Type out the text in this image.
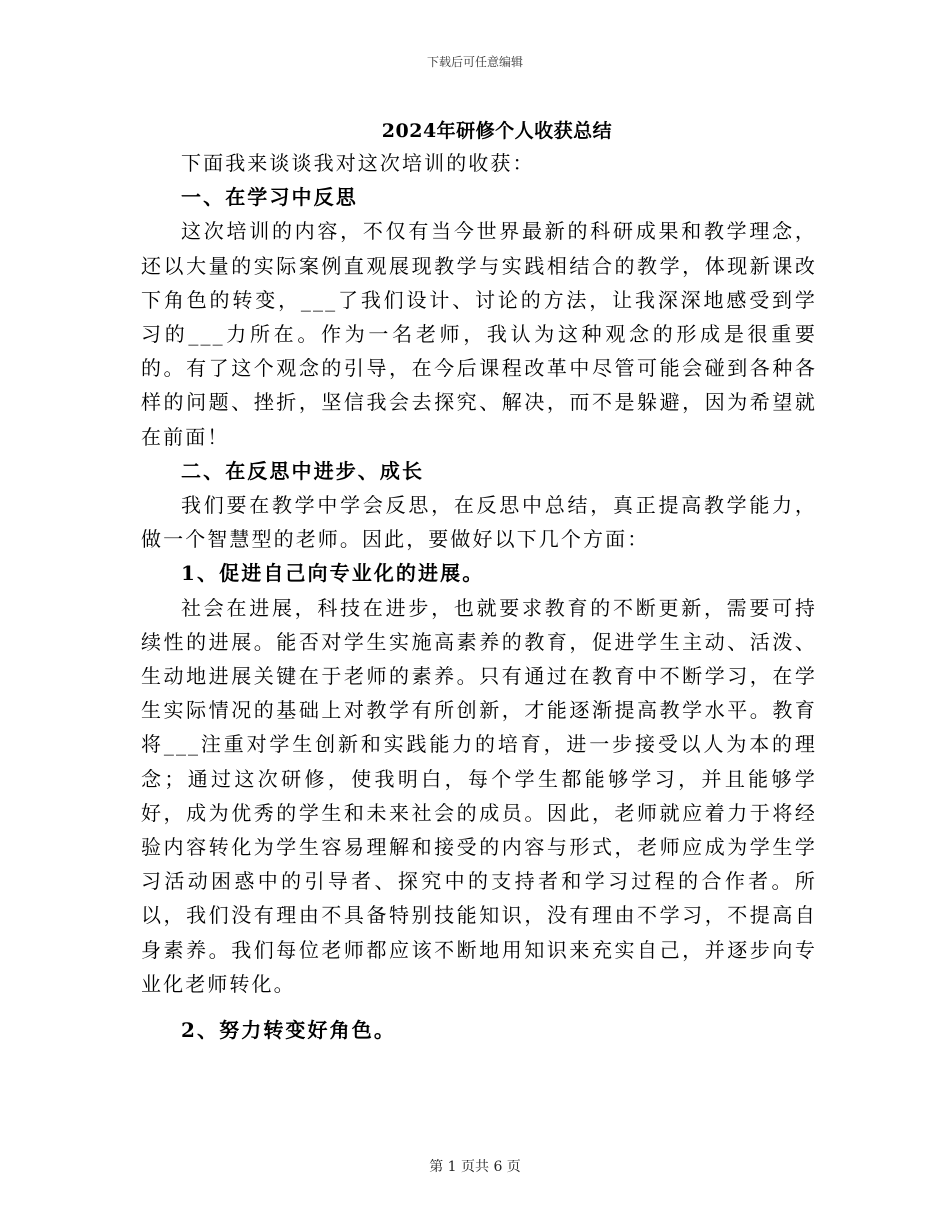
下载后可任意编辑
2024年研修个人收获总结

下面我来谈谈我对这次培训的收获：

一、在学习中反思

这次培训的内容，不仅有当今世界最新的科研成果和教学理念，还以大量的实际案例直观展现教学与实践相结合的教学，体现新课改下角色的转变，___了我们设计、讨论的方法，让我深深地感受到学习的___力所在。作为一名老师，我认为这种观念的形成是很重要的。有了这个观念的引导，在今后课程改革中尽管可能会碰到各种各样的问题、挫折，坚信我会去探究、解决，而不是躲避，因为希望就在前面！

二、在反思中进步、成长

我们要在教学中学会反思，在反思中总结，真正提高教学能力，做一个智慧型的老师。因此，要做好以下几个方面：

1、促进自己向专业化的进展。

社会在进展，科技在进步，也就要求教育的不断更新，需要可持续性的进展。能否对学生实施高素养的教育，促进学生主动、活泼、生动地进展关键在于老师的素养。只有通过在教育中不断学习，在学生实际情况的基础上对教学有所创新，才能逐渐提高教学水平。教育将___注重对学生创新和实践能力的培育，进一步接受以人为本的理念；通过这次研修，使我明白，每个学生都能够学习，并且能够学好，成为优秀的学生和未来社会的成员。因此，老师就应着力于将经验内容转化为学生容易理解和接受的内容与形式，老师应成为学生学习活动困惑中的引导者、探究中的支持者和学习过程的合作者。所以，我们没有理由不具备特别技能知识，没有理由不学习，不提高自身素养。我们每位老师都应该不断地用知识来充实自己，并逐步向专业化老师转化。

2、努力转变好角色。
第 1 页共 6 页
